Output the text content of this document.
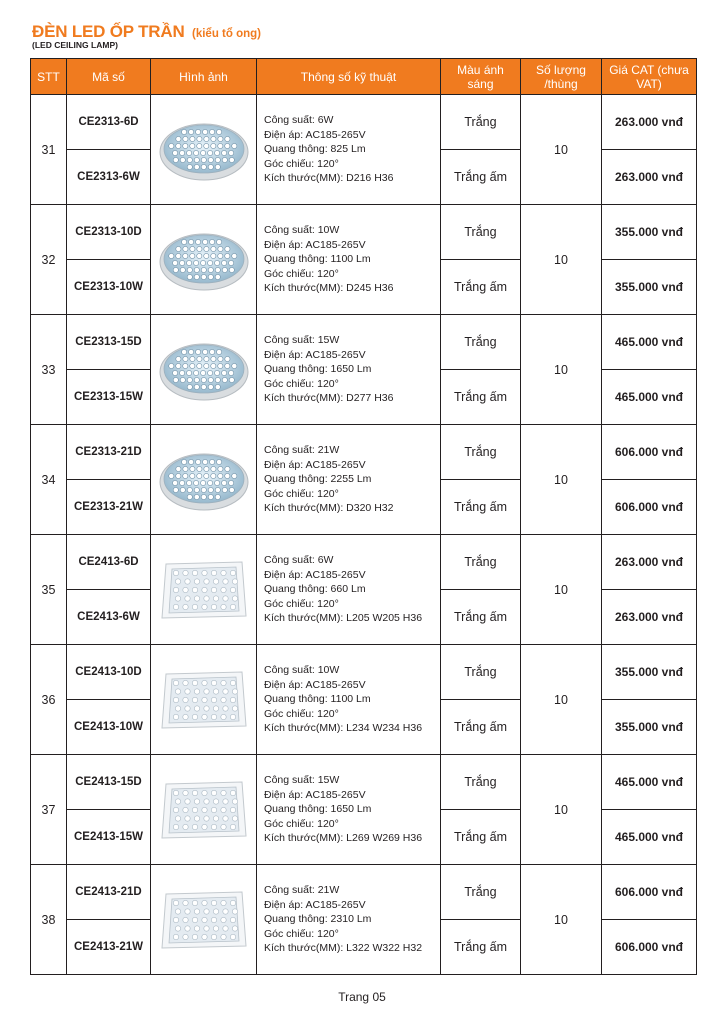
ĐÈN LED ỐP TRẦN (kiểu tổ ong)
(LED CEILING LAMP)
STT	Mã số	Hình ảnh	Thông số kỹ thuật	Màu ánh sáng	Số lượng /thùng	Giá CAT (chưa VAT)
31	CE2313-6D		Công suất: 6W
Điện áp: AC185-265V
Quang thông: 825 Lm
Góc chiếu: 120°
Kích thước(MM): D216 H36	Trắng	10	263.000 vnđ
	CE2313-6W			Trắng ấm		263.000 vnđ
32	CE2313-10D		Công suất: 10W
Điện áp: AC185-265V
Quang thông: 1100 Lm
Góc chiếu: 120°
Kích thước(MM): D245 H36	Trắng	10	355.000 vnđ
	CE2313-10W			Trắng ấm		355.000 vnđ
33	CE2313-15D		Công suất: 15W
Điện áp: AC185-265V
Quang thông: 1650 Lm
Góc chiếu: 120°
Kích thước(MM): D277 H36	Trắng	10	465.000 vnđ
	CE2313-15W			Trắng ấm		465.000 vnđ
34	CE2313-21D		Công suất: 21W
Điện áp: AC185-265V
Quang thông: 2255 Lm
Góc chiếu: 120°
Kích thước(MM): D320 H32	Trắng	10	606.000 vnđ
	CE2313-21W			Trắng ấm		606.000 vnđ
35	CE2413-6D		Công suất: 6W
Điện áp: AC185-265V
Quang thông: 660 Lm
Góc chiếu: 120°
Kích thước(MM): L205 W205 H36	Trắng	10	263.000 vnđ
	CE2413-6W			Trắng ấm		263.000 vnđ
36	CE2413-10D		Công suất: 10W
Điện áp: AC185-265V
Quang thông: 1100 Lm
Góc chiếu: 120°
Kích thước(MM): L234 W234 H36	Trắng	10	355.000 vnđ
	CE2413-10W			Trắng ấm		355.000 vnđ
37	CE2413-15D		Công suất: 15W
Điện áp: AC185-265V
Quang thông: 1650 Lm
Góc chiếu: 120°
Kích thước(MM): L269 W269 H36	Trắng	10	465.000 vnđ
	CE2413-15W			Trắng ấm		465.000 vnđ
38	CE2413-21D		Công suất: 21W
Điện áp: AC185-265V
Quang thông: 2310 Lm
Góc chiếu: 120°
Kích thước(MM): L322 W322 H32	Trắng	10	606.000 vnđ
	CE2413-21W			Trắng ấm		606.000 vnđ
Trang 05
